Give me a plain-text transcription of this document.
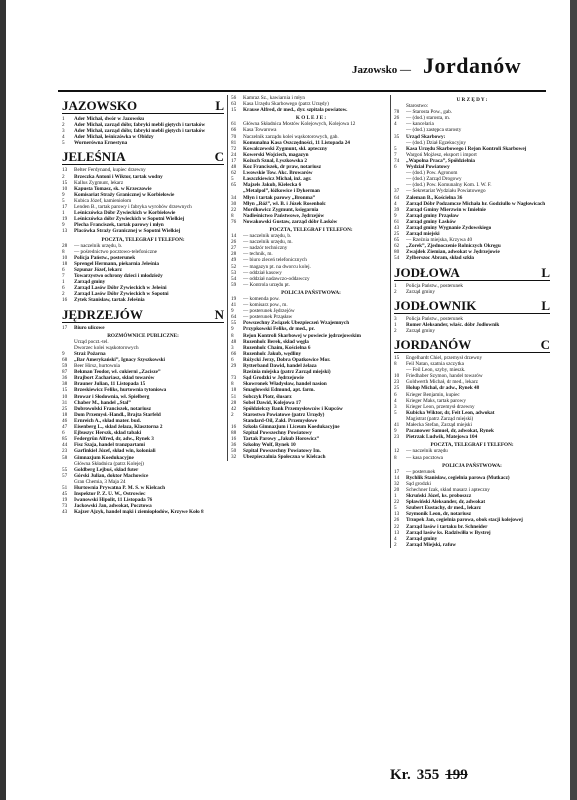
Jazowsko — Jordanów
JAZOWSKO	L
1	Ader Michał, dwór w Jazowsku
2	Ader Michał, zarząd dóbr, fabryki mebli giętych i tartaków
3	Ader Michał, zarząd dóbr, fabryki mebli giętych i tartaków
4	Ader Michał, leśniczówka w Obidzy
5	Wornerówna Ernestyna
JELEŚNIA	C
13	Belter Ferdynand, kupiec drzewny
2	Brzeczka Antoni i Wiktor, tartak wodny
15	Kallus Zygmunt, lekarz
10	Kapusta Tomasz, sk. w Krzeczowie
9	Komisariat Straży Granicznej w Korbielowie
5	Kubica Józef, kamieniołom
17	Lenden B., tartak parowy i fabryka wyrobów drzewnych
1	Leśniczówka Dóbr Żywieckich w Korbielowie
19	Leśniczówka dóbr Żywieckich w Sopotni Wielkiej
9	Plecha Franciszek, tartak parowy i młyn
13	Placówka Straży Granicznej w Sopotni Wielkiej
POCZTA, TELEGRAF I TELEFON:
28	— naczelnik urzędu, b.
8	— pośrednictwo pocztowo-telefoniczne
10	Policja Państw., posterunek
18	Sprengel Hermann, piekarnia Jeleśnia
6	Szpunar Józef, lekarz
7	Towarzystwo ochrony dzieci i młodzieży
1	Zarząd gminy
6	Zarząd Lasów Dóbr Żywieckich w Jeleśni
2	Zarząd Lasów Dóbr Żywieckich w Sopotni
16	Zytek Stanisław, tartak Jeleśnia
JĘDRZEJÓW	N
17	Biuro ulicowe
ROZMÓWNICE PUBLICZNE:
Urząd poczt.-tel.
Dworzec kolei wąskotorowych
9	Straż Pożarna
68	„Bar Amerykański”, Ignacy Szyszkowski
59	Beer Hirsz, hurtownia
87	Bekman Teodor, wł. cukierni „Zacisze”
36	Brajbort Zachariasz, skład towarów
38	Brauner Julian, 11 Listopada 15
15	Brzeskiewicz Feliks, hurtownia tytoniowa
10	Browar i Słodownia, wł. Spielberg
31	Chaber M., handel „Stal”
25	Dobrowolski Franciszek, notariusz
18	Dom Przemysł.-Handl., Brajta Starfeld
46	Ernreich A., skład mater. bud.
47	Eisenberg L., skład żelaza, Klasztorna 2
6	Ejbuszyc Herszk, skład tabaki
85	Federgrün Alfred, dr, adw., Rynek 3
44	Fisz Szaja, handel tranzpartami
23	Garfinkiel Józef, skład win, koloniali
58	Gimnazjum Koedukacyjne
Główna Składnica (patrz Kolejej)
55	Goldberg Lejbuś, skład futer
57	Górski Julian, doktor Machowice
Gran Chemia, 3 Maja 24
51	Hurtownia Prywatna P. M. S. w Kielcach
45	Inspektor P. Z. U. W., Ostrowiec
19	Iwanowski Hipolit, 11 Listopada 76
73	Jackowski Jan, adwokat, Pocztowa
43	Kajzer Ajzyk, handel mąki i ziemiopłodów, Krzywe Koło 8
56	Kamraz Sz., kawiarnia i młyn
63	Kasa Urzędu Skarbowego (patrz Urzędy)
15	Krause Alfred, dr med., dyr. szpitala powiatow.
K O L E J E :
61	Główna Składnica Mostów Kolejowych, Kolejowa 12
66	Kasa Towarowa
70	Naczelnik zarządu kolei wąskotorowych, gab.
81	Komunalna Kasa Oszczędności, 11 Listopada 24
72	Kowalczewski Zygmunt, skł. apteczny
24	Kowerski Wojciech, magazyn
17	Kożuch Sznal, Łyszkowska 2
48	Koz Franciszek, dr praw, notariusz
62	Lwowskie Tow. Akc. Browarów
5	Łaszczkiewicz Michał, inż. agr.
65	Majzels Jakub, Kielecka 6
„Metalpol”, łóżkowice i Dykerman
34	Młyn i tartak parowy „Bronma”
30	Młyn „Róż”, wł. B. i Józek Rosenholc
22	Mordkowicz Zygmunt, księgarnia
8	Nadleśnictwo Państwowe, Jędrzejów
76	Nowakowski Gustaw, zarząd dóbr Łasków
POCZTA, TELEGRAF I TELEFON:
14	— naczelnik urzędu, b.
26	— naczelnik urzędu, m.
27	— nadzór techniczny
28	— technik, m.
49	— biuro zleceń telefonicznych
52	— magazyn pt. na dworcu kolej.
53	— oddział kasowy
54	— oddział nadawczo-oddawczy
59	— Kontrola urzędu pt.
POLICJA PAŃSTWOWA:
19	— komenda pow.
41	— komisarz pow., m.
9	— posterunek Jędrzejów
64	— posterunek Prząsław
55	Powszechny Związek Ubezpieczeń Wzajemnych
9	Przypkowski Feliks, dr med., pr.
8	Rejon Kontroli Skarbowej w powiecie jędrzejowskim
48	Rozenholc Berek, skład węgla
3	Rozenholc Chaim, Kościelna 6
66	Rozenholc Jakub, wędliny
6	Różycki Jerzy, Dobra Opatkowice Mor.
29	Rytterband Dawid, handel żelaza
Rzeźnia miejska (patrz Zarząd miejski)
73	Sąd Grodzki w Jędrzejowie
8	Skowronek Władysław, handel nasion
18	Smagłowski Edmund, apt. farm.
51	Sobczyk Piotr, ślusarz
28	Sobel Dawid, Kolejowa 17
42	Spółdzielczy Bank Przemysłowców i Kupców
2	Starostwo Powiatowe (patrz Urzędy)
Standard-Oil, Zakł. Przemysłowe
16	Szkoła Gimnazjum i Liceum Koedukacyjne
88	Szpital Powszechny Powiatowy
16	Tartak Parowy „Jakub Horowicz”
36	Szkolny Wolf, Rynek 10
50	Szpital Powszechny Powiatowy Im.
32	Ubezpieczalnia Społeczna w Kielcach
U R Z Ę D Y :
Starostwo:
78	— Starosta Pow., gab.
26	— (dod.) starosta, m.
4	— kancelaria
— (dod.) zastępca starosty
35	Urząd Skarbowy:
— (dod.) Dział Egzekucyjny
5	Kasa Urzędu Skarbowego i Rejon Kontroli Skarbowej
7	Wargoń Mojżesz, eksport i import
74	„Wapolna Praca”, Spółdzielnia
6	Wydział Powiatowy
— (dod.) Pow. Agronom
— (dod.) Zarząd Drogowy
— (dod.) Pow. Komunalny Kom. I. W. F.
37	— Sekretariat Wydziału Powiatowego
64	Zaleman B., Kościelna 36
4	Zarząd Dóbr Podzamcze Michała hr. Godziullo w Nagłowicach
39	Zarząd Gminy Mierzwin w Imielnie
9	Zarząd gminy Prząsław
61	Zarząd gminy Łasków
43	Zarząd gminy Wygnanie Zydowskiego
25	Zarząd miejski
65	— Rzeźnia miejska, Krzywa 40
62	„Zorek”, Zjednoczenie Rolniczych Okręgu
80	Zwajdek Ziemian, adwokat w Jędrzejowie
54	Zylberszoc Abram, skład szkła
JODŁOWA	L
1	Policja Państw., posterunek
2	Zarząd gminy
JODŁOWNIK	L
3	Policja Państw., posterunek
1	Romer Aleksander, właśc. dóbr Jodłownik
2	Zarząd gminy
JORDANÓW	C
15	Engelhardt Chiel, przemysł drzewny
8	Feil Natan, szatnia szczytka
— Feil Leon, szyby, mieszk.
10	Friedhaber Szymon, handel towarów
23	Goldwerth Michał, dr med., lekarz
25	Holup Michał, dr adw., Rynek 48
6	Krieger Benjamin, kupiec
4	Krieger Maks, tartak parowy
3	Krieger Leon, przemysł drzewny
5	Kubicka Wiktor, dr, Feit Leon, adwokat
Magistrat (patrz Zarząd miejski)
41	Małecka Stefan, Zarząd miejski
9	Pacanower Samuel, dr, adwokat, Rynek
23	Pietrzak Ludwik, Matejowa 104
POCZTA, TELEGRAF I TELEFON:
12	— naczelnik urzędu
8	— kasa pocztowa
POLICJA PAŃSTWOWA:
17	— posterunek
14	Rychlik Stanisław, cegielnia parowa (Mutkacz)
32	Sąd grodzki
20	Schechner Izak, skład masarz i apteczny
1	Skruński Józef, ks. proboszcz
22	Spławiński Aleksander, dr, adwokat
5	Szubert Eustachy, dr med., lekarz
13	Szymonik Leon, dr, notariusz
26	Trzopek Jan, cegielnia parowa, obok stacji kolejowej
22	Zarząd lasów i tartaku br. Schneider
13	Zarząd lasów ks. Radziwiłła w Bystrej
4	Zarząd gminy
2	Zarząd Miejski, rafuw
Kr. 355 199
